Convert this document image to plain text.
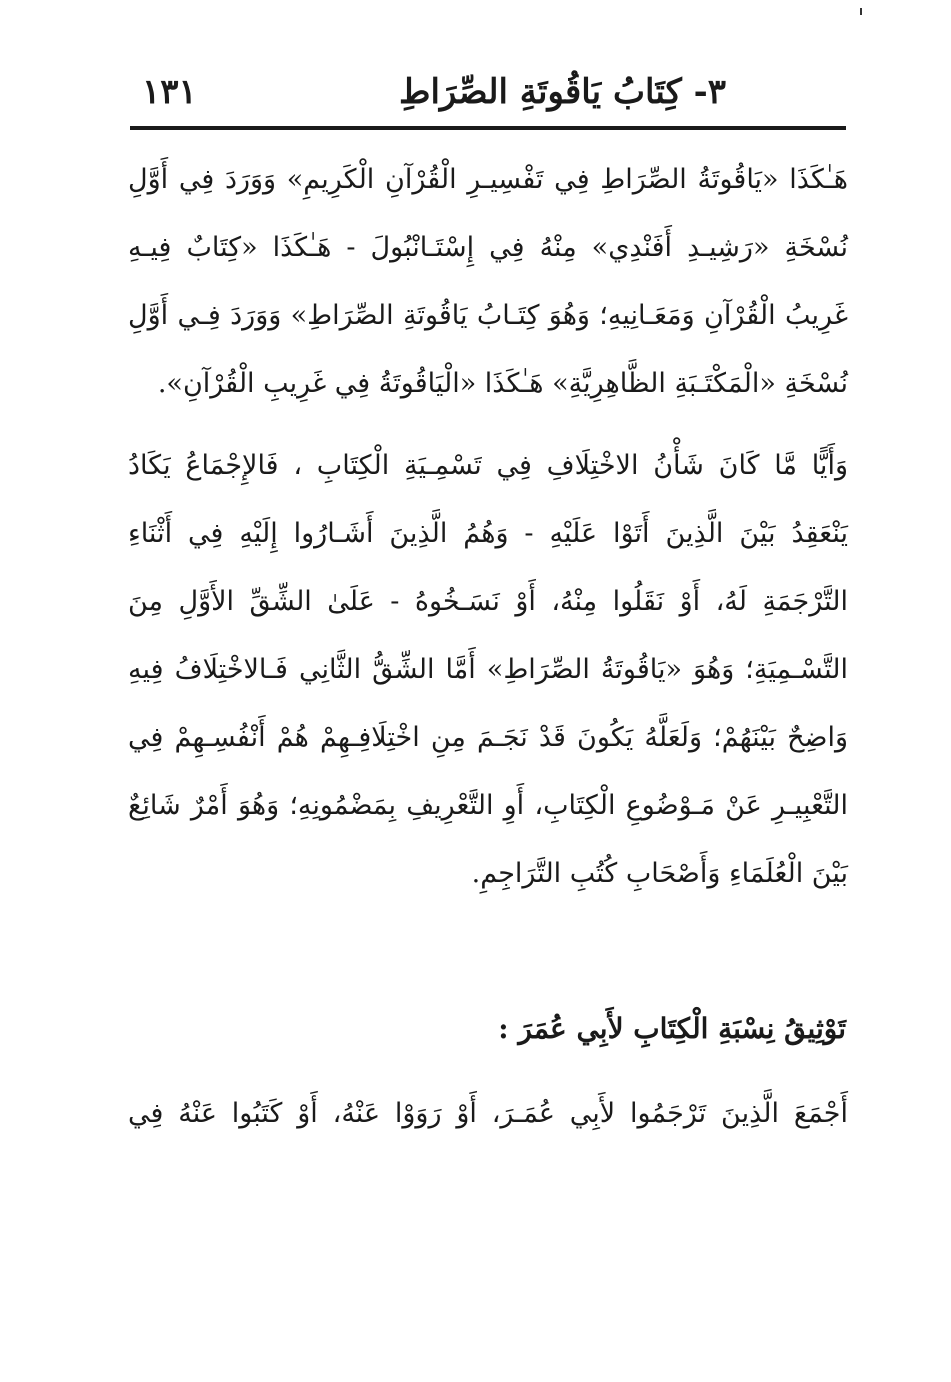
٣- كِتَابُ يَاقُوتَةِ الصِّرَاطِ
١٣١

هَـٰكَذَا «يَاقُوتَةُ الصِّرَاطِ فِي تَفْسِيـرِ الْقُرْآنِ الْكَرِيمِ» وَوَرَدَ فِي أَوَّلِ نُسْخَةِ «رَشِيـدِ أَفَنْدِي» مِنْهُ فِي إِسْتَـانْبُولَ - هَـٰكَذَا «كِتَابٌ فِيـهِ غَرِيبُ الْقُرْآنِ وَمَعَـانِيهِ؛ وَهُوَ كِتَـابُ يَاقُوتَةِ الصِّرَاطِ» وَوَرَدَ فِـي أَوَّلِ نُسْخَةِ «الْمَكْتَـبَةِ الظَّاهِرِيَّةِ» هَـٰكَذَا «الْيَاقُوتَةُ فِي غَرِيبِ الْقُرْآنِ».

وَأَيًّا مَّا كَانَ شَأْنُ الاخْتِلَافِ فِي تَسْمِـيَةِ الْكِتَابِ ، فَالإِجْمَاعُ يَكَادُ يَنْعَقِدُ بَيْنَ الَّذِينَ أَتَوْا عَلَيْهِ - وَهُمُ الَّذِينَ أَشَـارُوا إِلَيْهِ فِي أَثْنَاءِ التَّرْجَمَةِ لَهُ، أَوْ نَقَلُوا مِنْهُ، أَوْ نَسَـخُوهُ - عَلَىٰ الشِّقِّ الأَوَّلِ مِنَ التَّسْـمِيَةِ؛ وَهُوَ «يَاقُوتَةُ الصِّرَاطِ» أَمَّا الشِّقُّ الثَّانِي فَـالاخْتِلَافُ فِيهِ وَاضِحٌ بَيْنَهُمْ؛ وَلَعَلَّهُ يَكُونَ قَدْ نَجَـمَ مِنِ اخْتِلَافِـهِمْ هُمْ أَنْفُسِـهِمْ فِي التَّعْبِيـرِ عَنْ مَـوْضُوعِ الْكِتَابِ، أَوِ التَّعْرِيفِ بِمَضْمُونِهِ؛ وَهُوَ أَمْرٌ شَائِعٌ بَيْنَ الْعُلَمَاءِ وَأَصْحَابِ كُتُبِ التَّرَاجِمِ.

تَوْثِيقُ نِسْبَةِ الْكِتَابِ لأَبِي عُمَرَ :

أَجْمَعَ الَّذِينَ تَرْجَمُوا لأَبِي عُمَـرَ، أَوْ رَوَوْا عَنْهُ، أَوْ كَتَبُوا عَنْهُ فِي
